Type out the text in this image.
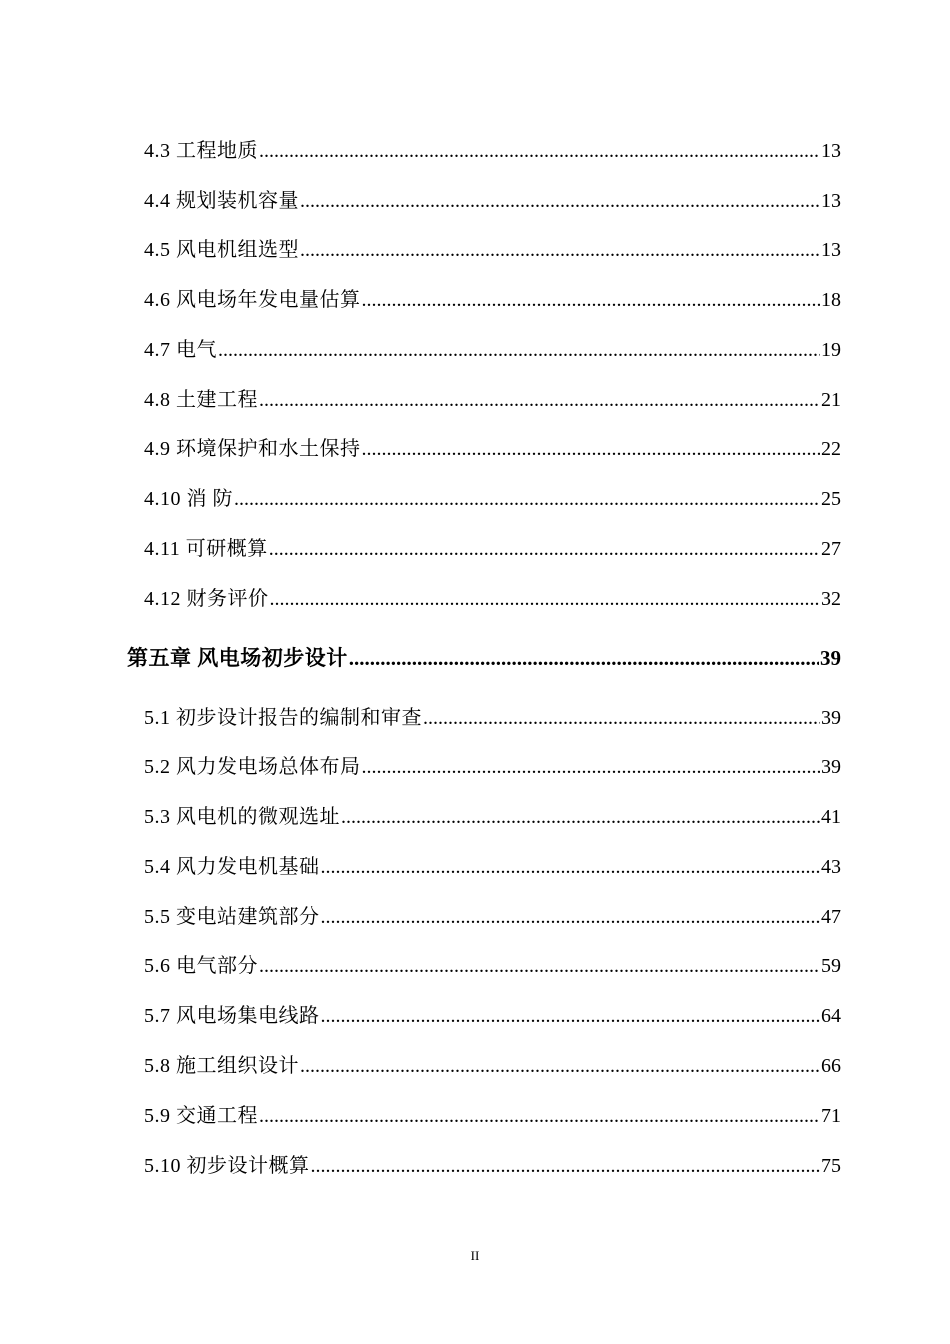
4.3 工程地质 .....	13
4.4 规划装机容量 .....	13
4.5 风电机组选型 .....	13
4.6 风电场年发电量估算 .....	18
4.7 电气 .....	19
4.8 土建工程 .....	21
4.9 环境保护和水土保持 .....	22
4.10 消 防 .....	25
4.11 可研概算 .....	27
4.12 财务评价 .....	32
第五章 风电场初步设计 .....	39
5.1 初步设计报告的编制和审查 .....	39
5.2 风力发电场总体布局 .....	39
5.3 风电机的微观选址 .....	41
5.4 风力发电机基础 .....	43
5.5 变电站建筑部分 .....	47
5.6 电气部分 .....	59
5.7 风电场集电线路 .....	64
5.8 施工组织设计 .....	66
5.9 交通工程 .....	71
5.10 初步设计概算 .....	75
II
